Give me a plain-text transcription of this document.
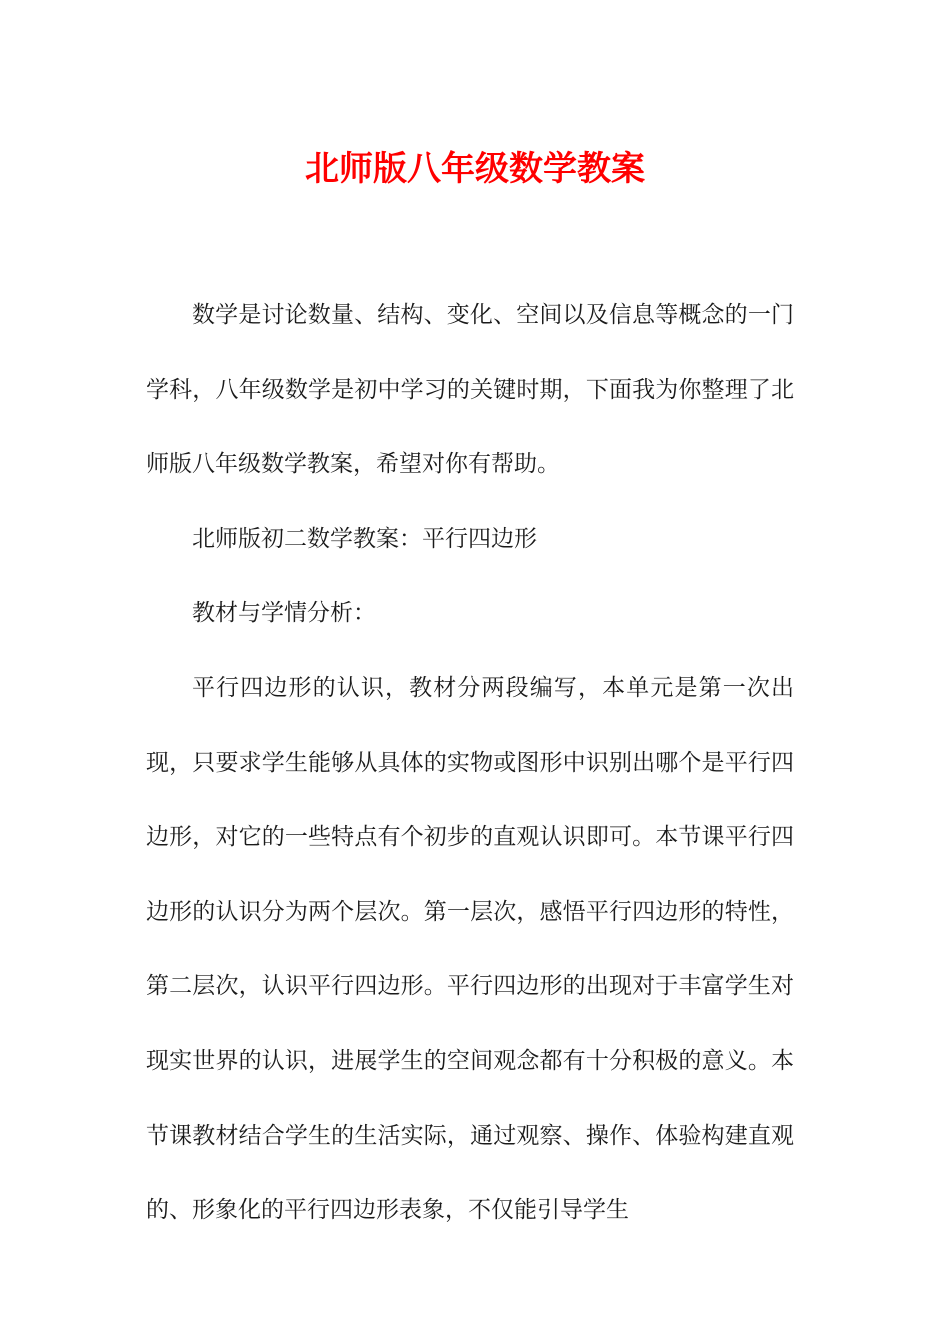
北师版八年级数学教案

数学是讨论数量、结构、变化、空间以及信息等概念的一门学科，八年级数学是初中学习的关键时期，下面我为你整理了北师版八年级数学教案，希望对你有帮助。

北师版初二数学教案：平行四边形

教材与学情分析：

平行四边形的认识，教材分两段编写，本单元是第一次出现，只要求学生能够从具体的实物或图形中识别出哪个是平行四边形，对它的一些特点有个初步的直观认识即可。本节课平行四边形的认识分为两个层次。第一层次，感悟平行四边形的特性，第二层次，认识平行四边形。平行四边形的出现对于丰富学生对现实世界的认识，进展学生的空间观念都有十分积极的意义。本节课教材结合学生的生活实际，通过观察、操作、体验构建直观的、形象化的平行四边形表象，不仅能引导学生
